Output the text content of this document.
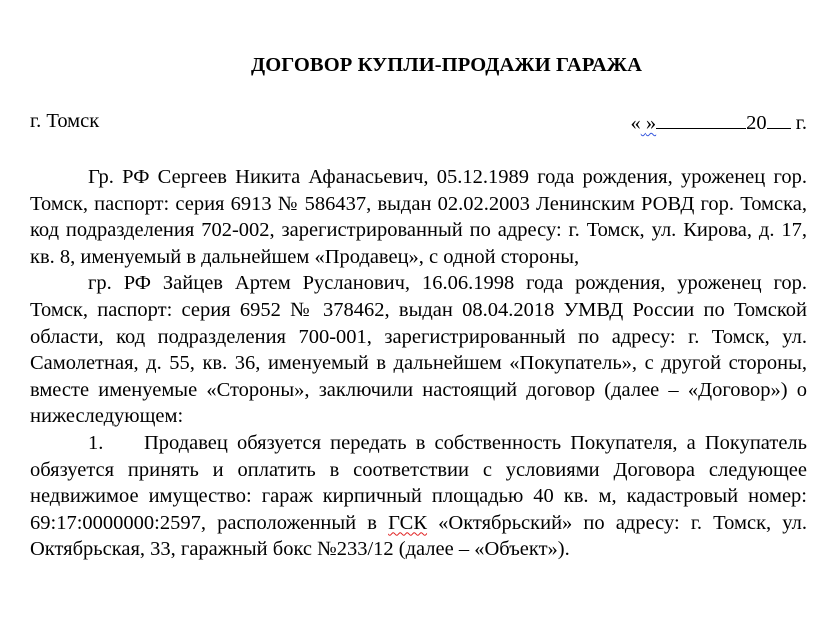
ДОГОВОР КУПЛИ-ПРОДАЖИ ГАРАЖА
г. Томск	« »	20 г.

Гр. РФ Сергеев Никита Афанасьевич, 05.12.1989 года рождения, уроженец гор. Томск, паспорт: серия 6913 № 586437, выдан 02.02.2003 Ленинским РОВД гор. Томска, код подразделения 702-002, зарегистрированный по адресу: г. Томск, ул. Кирова, д. 17, кв. 8, именуемый в дальнейшем «Продавец», с одной стороны,

гр. РФ Зайцев Артем Русланович, 16.06.1998 года рождения, уроженец гор. Томск, паспорт: серия 6952 № 378462, выдан 08.04.2018 УМВД России по Томской области, код подразделения 700-001, зарегистрированный по адресу: г. Томск, ул. Самолетная, д. 55, кв. 36, именуемый в дальнейшем «Покупатель», с другой стороны, вместе именуемые «Стороны», заключили настоящий договор (далее – «Договор») о нижеследующем:

1. Продавец обязуется передать в собственность Покупателя, а Покупатель обязуется принять и оплатить в соответствии с условиями Договора следующее недвижимое имущество: гараж кирпичный площадью 40 кв. м, кадастровый номер: 69:17:0000000:2597, расположенный в ГСК «Октябрьский» по адресу: г. Томск, ул. Октябрьская, 33, гаражный бокс №233/12 (далее – «Объект»).
